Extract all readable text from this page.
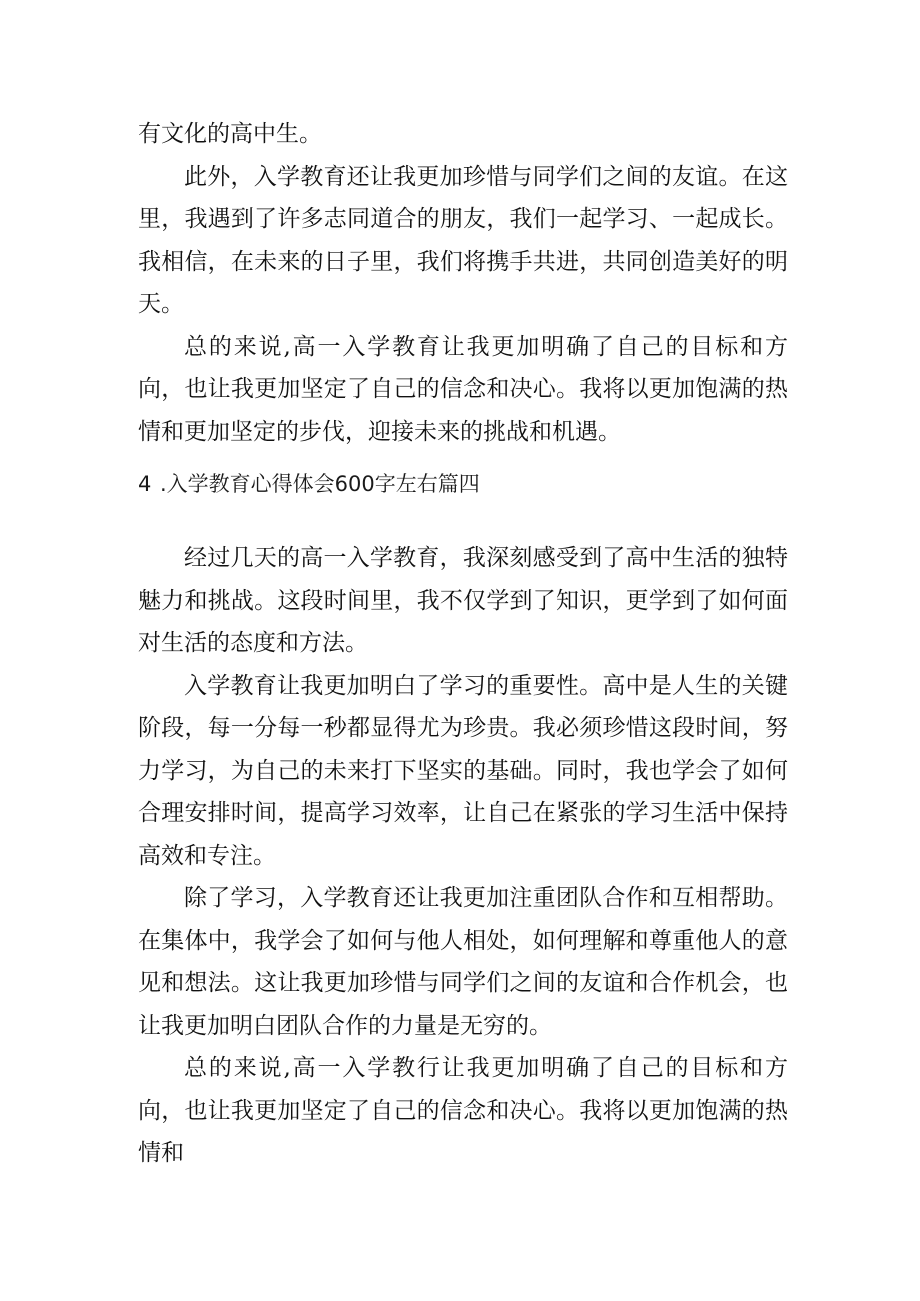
有文化的高中生。

此外，入学教育还让我更加珍惜与同学们之间的友谊。在这里，我遇到了许多志同道合的朋友，我们一起学习、一起成长。我相信，在未来的日子里，我们将携手共进，共同创造美好的明天。

总的来说,高一入学教育让我更加明确了自己的目标和方向，也让我更加坚定了自己的信念和决心。我将以更加饱满的热情和更加坚定的步伐，迎接未来的挑战和机遇。

4 .入学教育心得体会600字左右篇四

经过几天的高一入学教育，我深刻感受到了高中生活的独特魅力和挑战。这段时间里，我不仅学到了知识，更学到了如何面对生活的态度和方法。

入学教育让我更加明白了学习的重要性。高中是人生的关键阶段，每一分每一秒都显得尤为珍贵。我必须珍惜这段时间，努力学习，为自己的未来打下坚实的基础。同时，我也学会了如何合理安排时间，提高学习效率，让自己在紧张的学习生活中保持高效和专注。

除了学习，入学教育还让我更加注重团队合作和互相帮助。在集体中，我学会了如何与他人相处，如何理解和尊重他人的意见和想法。这让我更加珍惜与同学们之间的友谊和合作机会，也让我更加明白团队合作的力量是无穷的。

总的来说,高一入学教行让我更加明确了自己的目标和方向，也让我更加坚定了自己的信念和决心。我将以更加饱满的热情和
